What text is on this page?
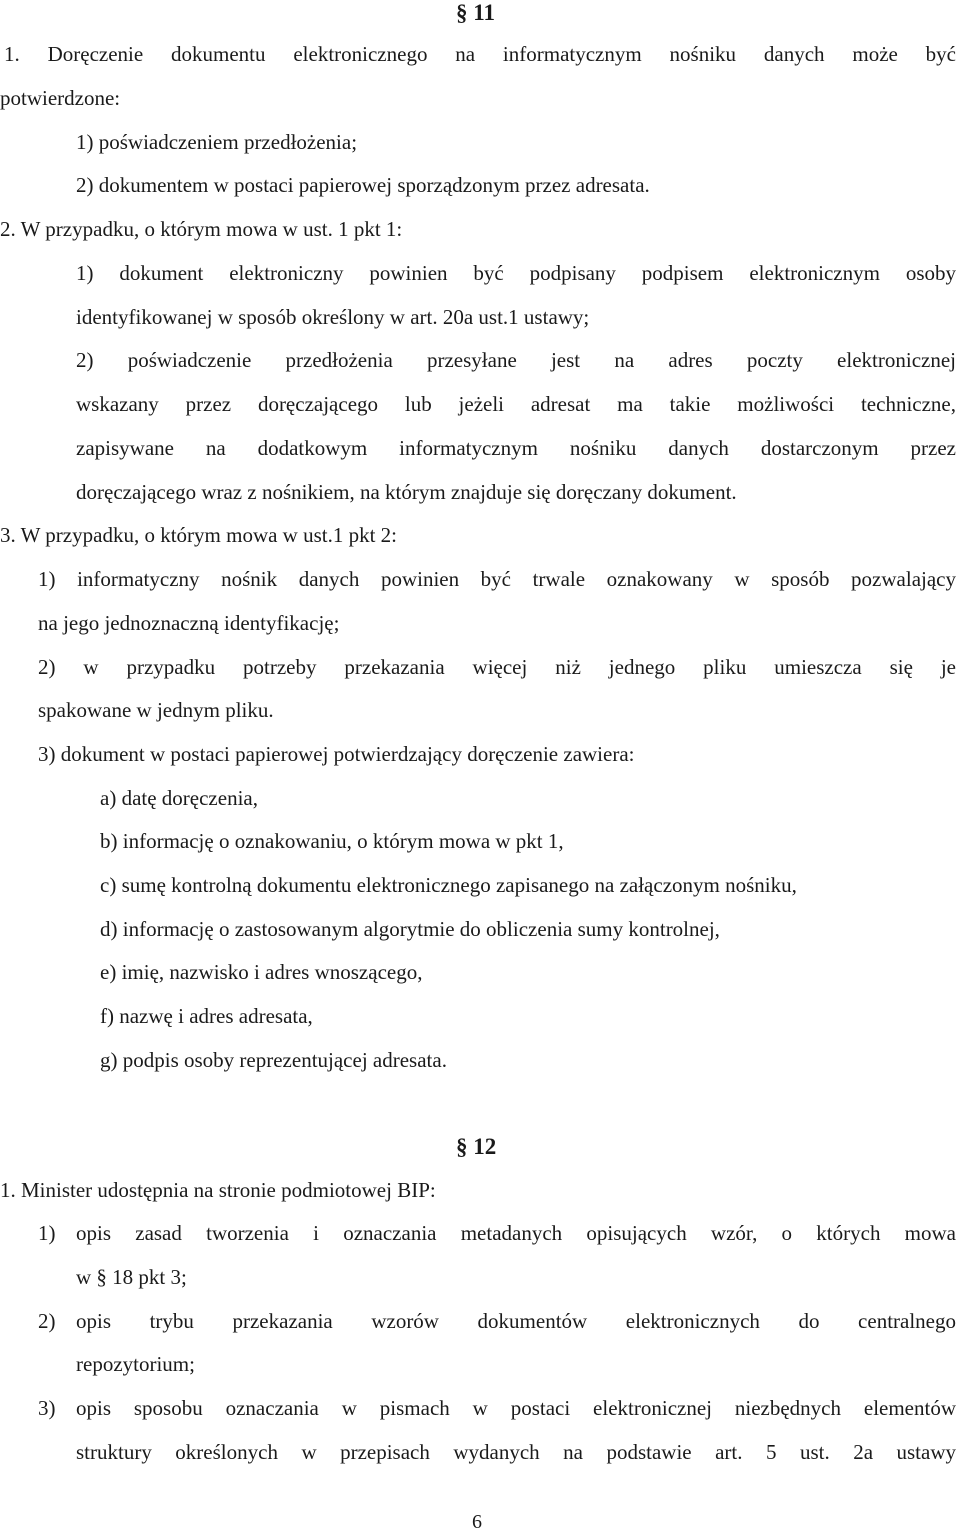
§ 11
1. Doręczenie dokumentu elektronicznego na informatycznym nośniku danych może być
potwierdzone:
1) poświadczeniem przedłożenia;
2) dokumentem w postaci papierowej sporządzonym przez adresata.
2. W przypadku, o którym mowa w ust. 1 pkt 1:
1) dokument elektroniczny powinien być podpisany podpisem elektronicznym osoby
identyfikowanej w sposób określony w art. 20a ust.1 ustawy;
2) poświadczenie przedłożenia przesyłane jest na adres poczty elektronicznej
wskazany przez doręczającego lub jeżeli adresat ma takie możliwości techniczne,
zapisywane na dodatkowym informatycznym nośniku danych dostarczonym przez
doręczającego wraz z nośnikiem, na którym znajduje się doręczany dokument.
3. W przypadku, o którym mowa w ust.1 pkt 2:
1) informatyczny nośnik danych powinien być trwale oznakowany w sposób pozwalający
na jego jednoznaczną identyfikację;
2) w przypadku potrzeby przekazania więcej niż jednego pliku umieszcza się je
spakowane w jednym pliku.
3) dokument w postaci papierowej potwierdzający doręczenie zawiera:
a) datę doręczenia,
b) informację o oznakowaniu, o którym mowa w pkt 1,
c) sumę kontrolną dokumentu elektronicznego zapisanego na załączonym nośniku,
d) informację o zastosowanym algorytmie do obliczenia sumy kontrolnej,
e) imię, nazwisko i adres wnoszącego,
f) nazwę i adres adresata,
g) podpis osoby reprezentującej adresata.
§ 12
1. Minister udostępnia na stronie podmiotowej BIP:
1) opis zasad tworzenia i oznaczania metadanych opisujących wzór, o których mowa
w § 18 pkt 3;
2) opis trybu przekazania wzorów dokumentów elektronicznych do centralnego
repozytorium;
3) opis sposobu oznaczania w pismach w postaci elektronicznej niezbędnych elementów
struktury określonych w przepisach wydanych na podstawie art. 5 ust. 2a ustawy
6
